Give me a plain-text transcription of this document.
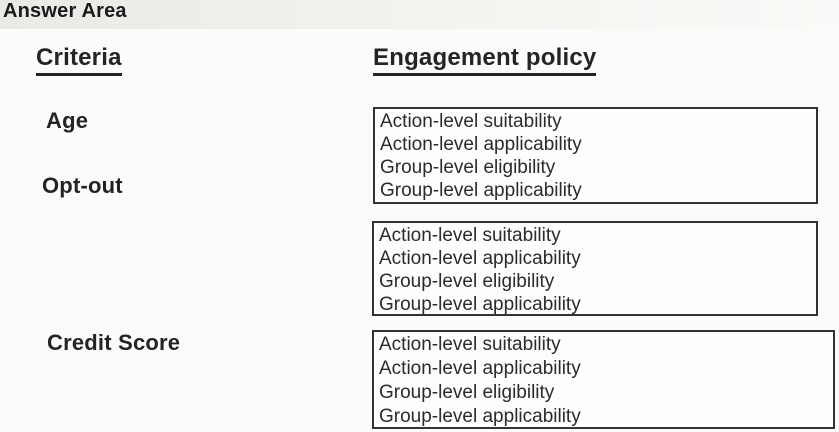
Answer Area
Criteria	Engagement policy
Age
Opt-out
Credit Score
Action-level suitability
Action-level applicability
Group-level eligibility
Group-level applicability
Action-level suitability
Action-level applicability
Group-level eligibility
Group-level applicability
Action-level suitability
Action-level applicability
Group-level eligibility
Group-level applicability
